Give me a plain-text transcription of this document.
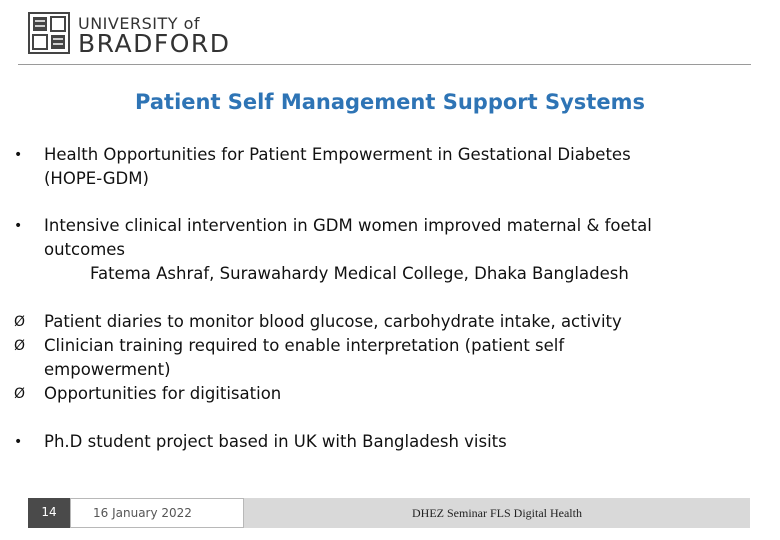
UNIVERSITY of
BRADFORD
Patient Self Management Support Systems
• Health Opportunities for Patient Empowerment in Gestational Diabetes
(HOPE-GDM)
• Intensive clinical intervention in GDM women improved maternal & foetal
outcomes
Fatema Ashraf, Surawahardy Medical College, Dhaka Bangladesh
Ø Patient diaries to monitor blood glucose, carbohydrate intake, activity
Ø Clinician training required to enable interpretation (patient self
empowerment)
Ø Opportunities for digitisation
• Ph.D student project based in UK with Bangladesh visits
14	16 January 2022	DHEZ Seminar FLS Digital Health
